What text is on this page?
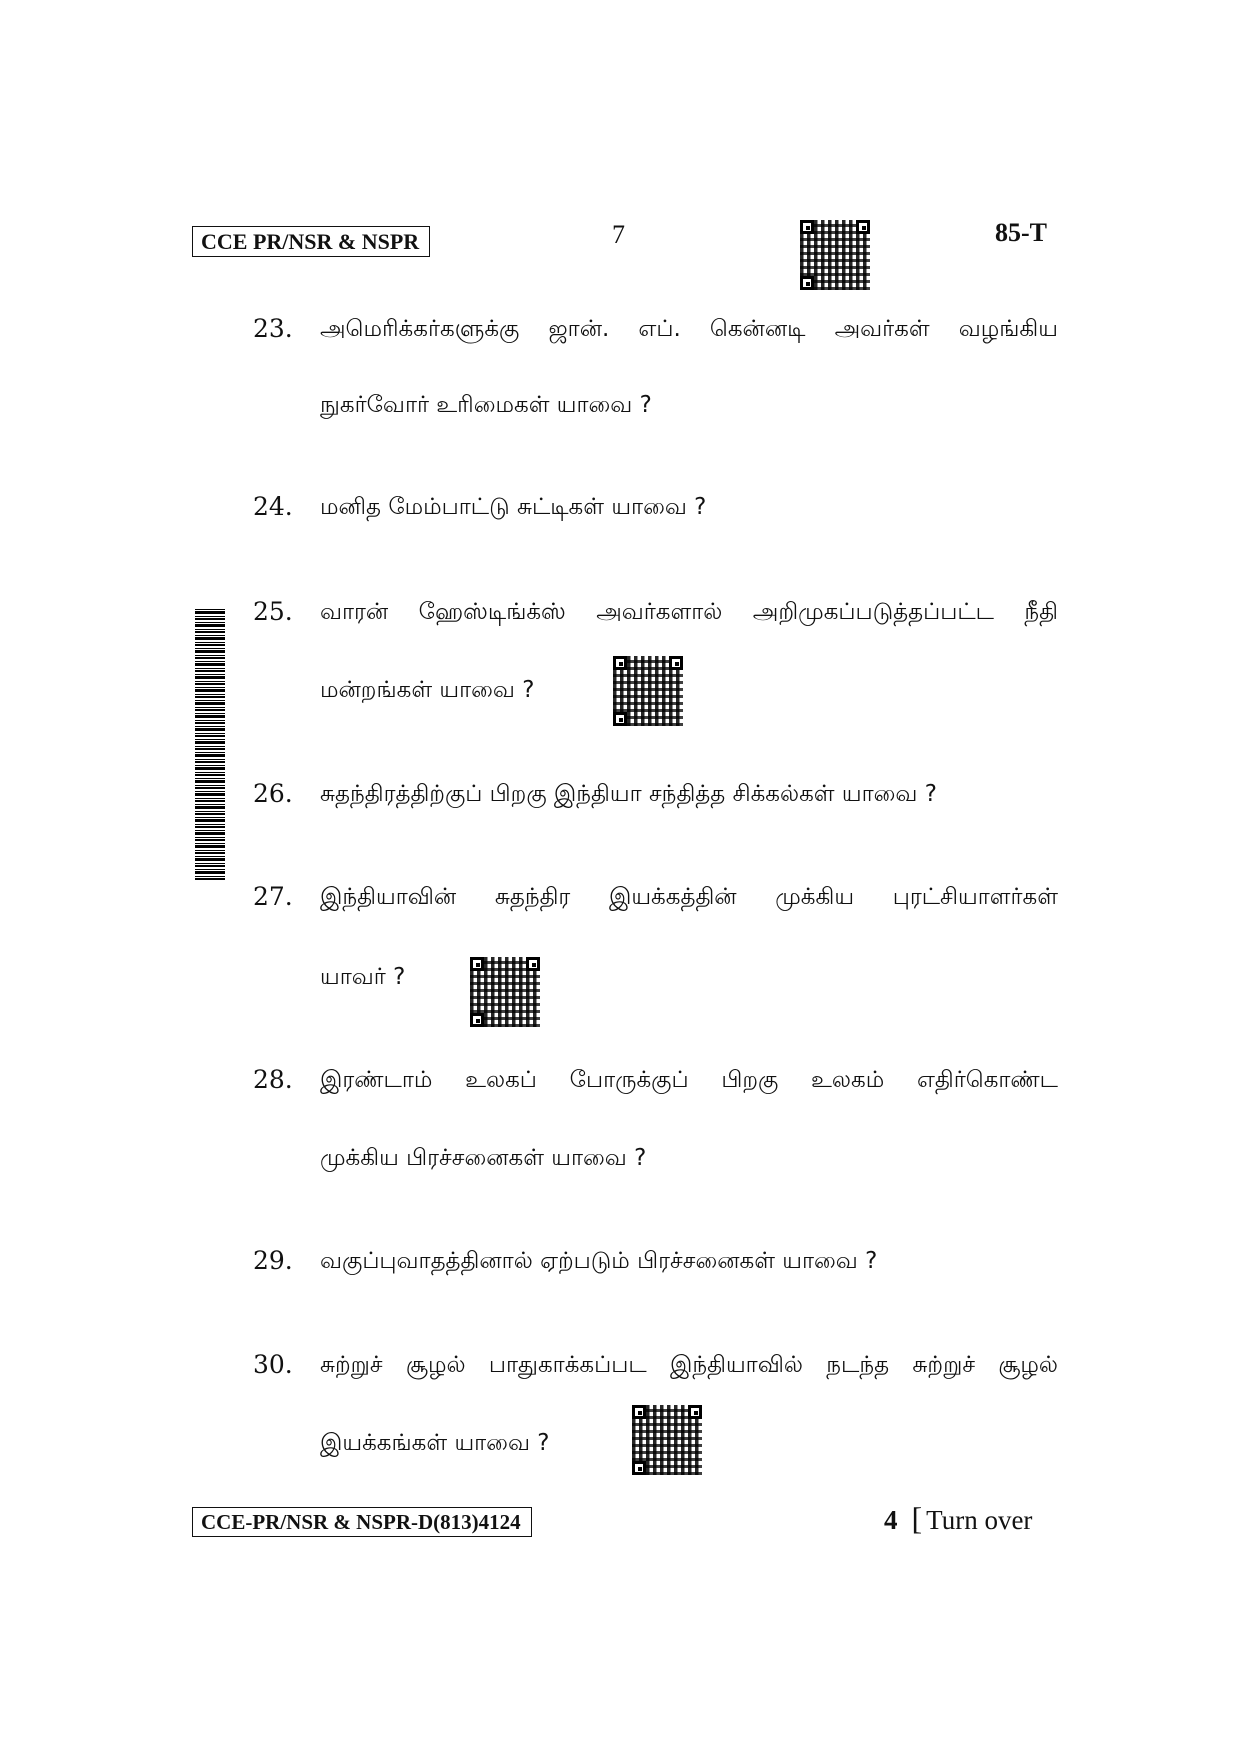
CCE PR/NSR & NSPR	7	85-T
23. அமெரிக்கர்களுக்கு ஜான். எப். கென்னடி அவர்கள் வழங்கிய
நுகர்வோர் உரிமைகள் யாவை ?
24. மனித மேம்பாட்டு சுட்டிகள் யாவை ?
25. வாரன் ஹேஸ்டிங்க்ஸ் அவர்களால் அறிமுகப்படுத்தப்பட்ட நீதி
மன்றங்கள் யாவை ?
26. சுதந்திரத்திற்குப் பிறகு இந்தியா சந்தித்த சிக்கல்கள் யாவை ?
27. இந்தியாவின் சுதந்திர இயக்கத்தின் முக்கிய புரட்சியாளர்கள்
யாவர் ?
28. இரண்டாம் உலகப் போருக்குப் பிறகு உலகம் எதிர்கொண்ட
முக்கிய பிரச்சனைகள் யாவை ?
29. வகுப்புவாதத்தினால் ஏற்படும் பிரச்சனைகள் யாவை ?
30. சுற்றுச் சூழல் பாதுகாக்கப்பட இந்தியாவில் நடந்த சுற்றுச் சூழல்
இயக்கங்கள் யாவை ?
CCE-PR/NSR & NSPR-D(813)4124	4 [ Turn over
